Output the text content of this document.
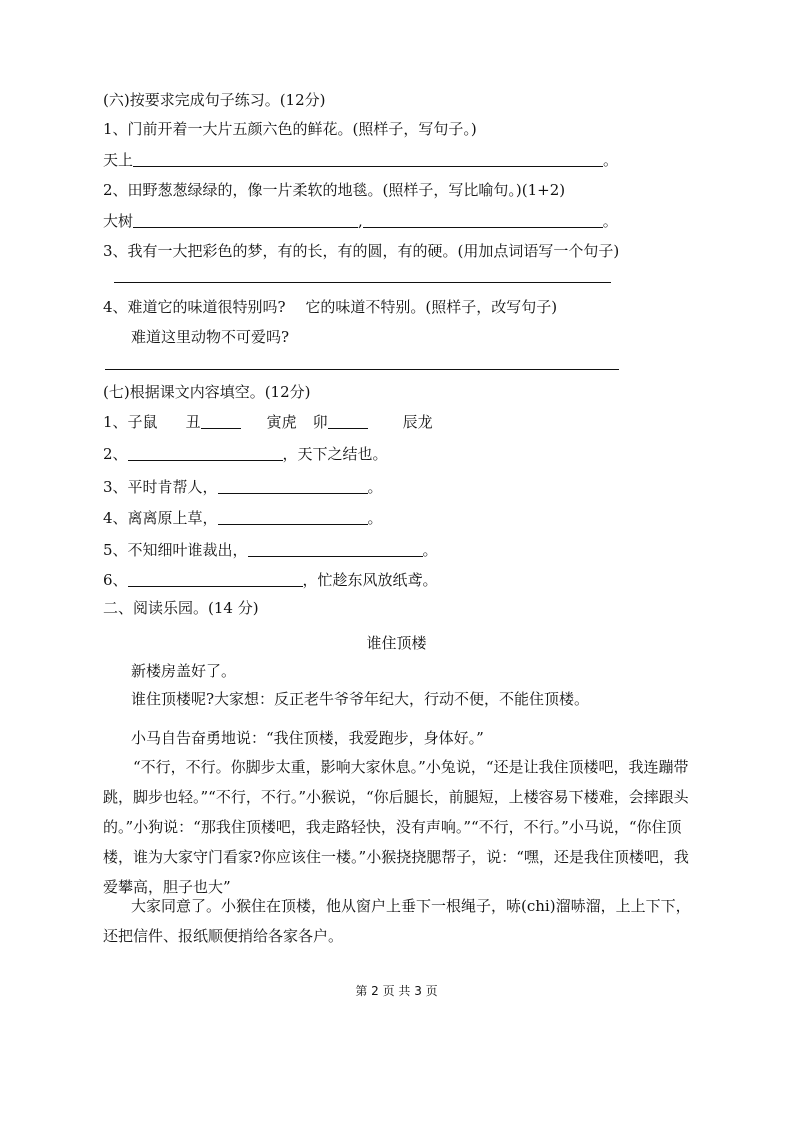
(六)按要求完成句子练习。(12分)
1、门前开着一大片五颜六色的鲜花。(照样子，写句子。)
天上	。
2、田野葱葱绿绿的，像一片柔软的地毯。(照样子，写比喻句。)(1+2)
大树	,	。
3、我有一大把彩色的梦，有的长，有的圆，有的硬。(用加点词语写一个句子)
4、难道它的味道很特别吗?　 它的味道不特别。(照样子，改写句子)
难道这里动物不可爱吗?
(七)根据课文内容填空。(12分)
1、子鼠 丑	寅虎 卯	辰龙
2、	，天下之结也。
3、平时肯帮人，	。
4、离离原上草，	。
5、不知细叶谁裁出，	。
6、	，忙趁东风放纸鸢。
二、阅读乐园。(14 分)
谁住顶楼
新楼房盖好了。
谁住顶楼呢?大家想：反正老牛爷爷年纪大，行动不便，不能住顶楼。
小马自告奋勇地说：“我住顶楼，我爱跑步，身体好。”
“不行，不行。你脚步太重，影响大家休息。”小兔说，“还是让我住顶楼吧，我连蹦带跳，脚步也轻。”“不行，不行。”小猴说，“你后腿长，前腿短，上楼容易下楼难，会摔跟头的。”小狗说：“那我住顶楼吧，我走路轻快，没有声响。”“不行，不行。”小马说，“你住顶楼，谁为大家守门看家?你应该住一楼。”小猴挠挠腮帮子，说：“嘿，还是我住顶楼吧，我爱攀高，胆子也大”
大家同意了。小猴住在顶楼，他从窗户上垂下一根绳子，哧(chi)溜哧溜，上上下下，还把信件、报纸顺便捎给各家各户。
第 2 页 共 3 页
